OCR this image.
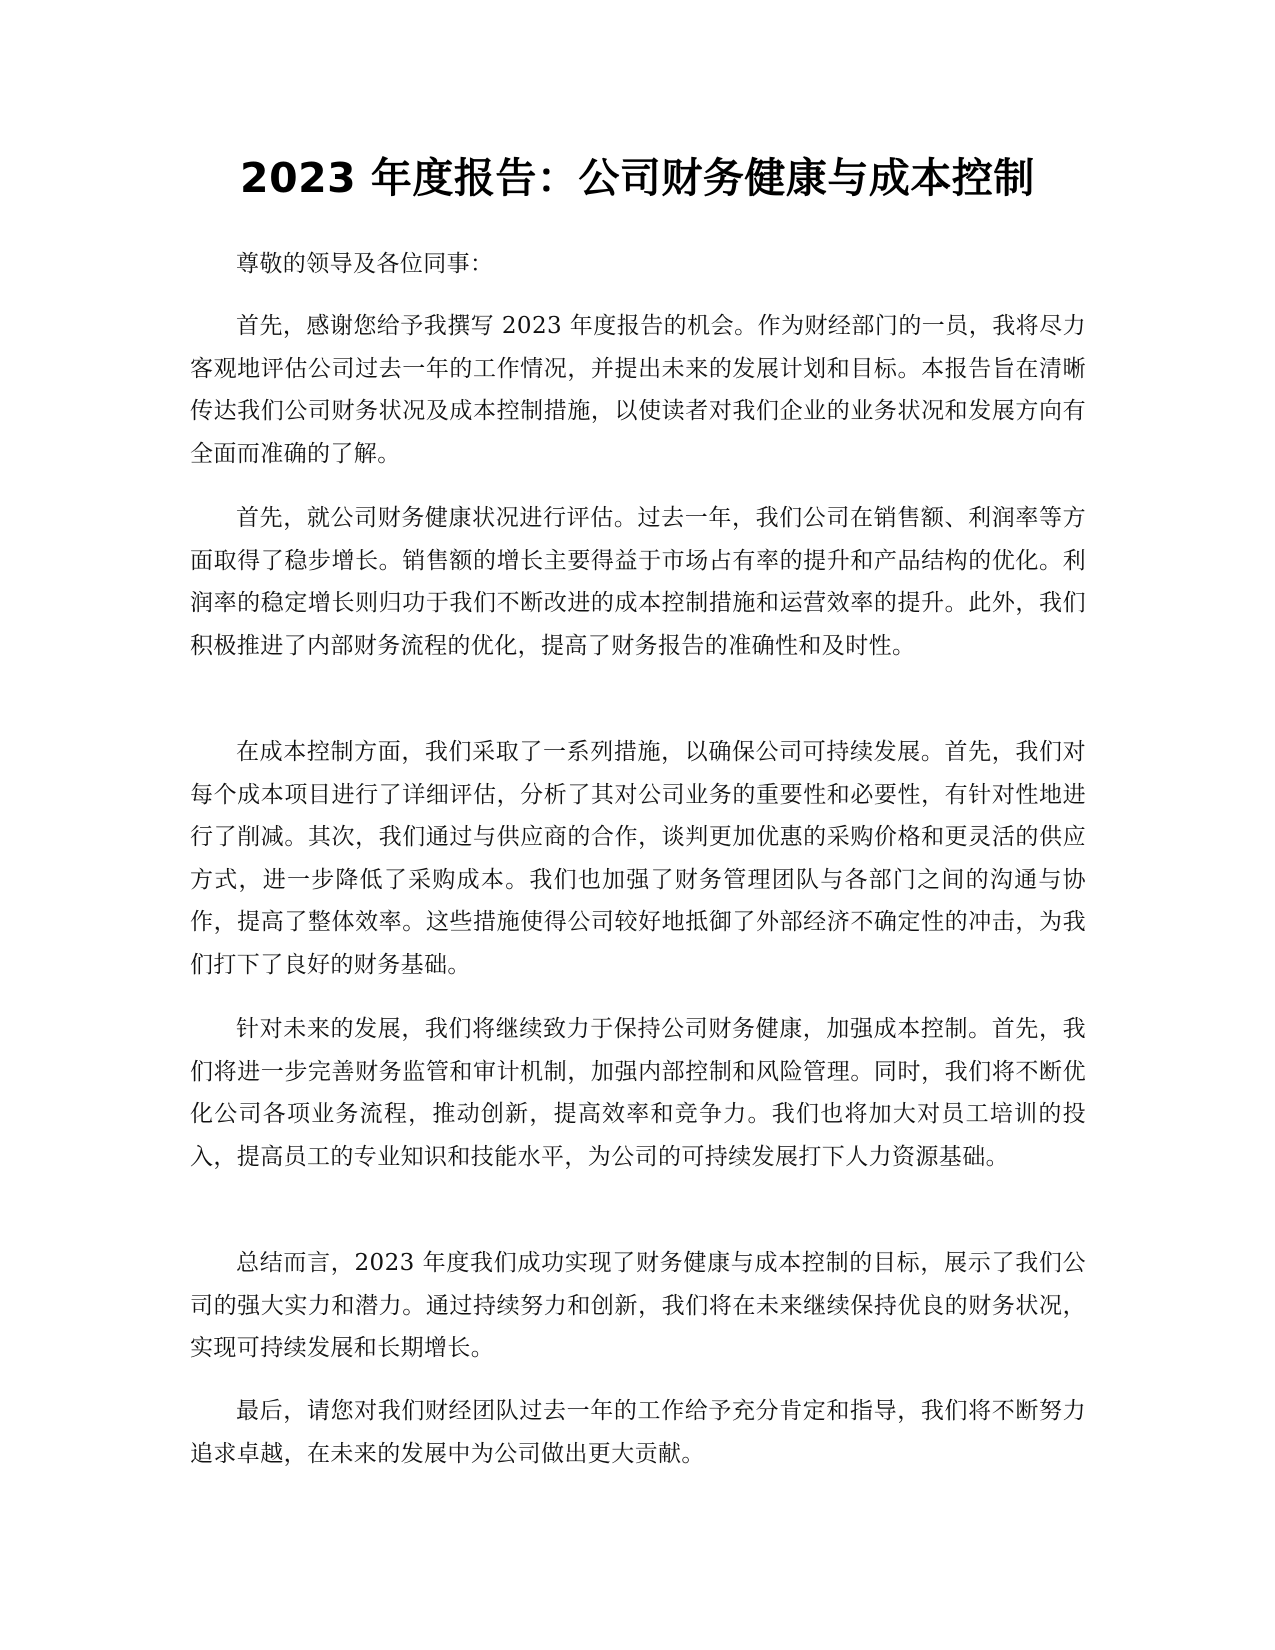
2023 年度报告：公司财务健康与成本控制

尊敬的领导及各位同事：

首先，感谢您给予我撰写 2023 年度报告的机会。作为财经部门的一员，我将尽力客观地评估公司过去一年的工作情况，并提出未来的发展计划和目标。本报告旨在清晰传达我们公司财务状况及成本控制措施，以使读者对我们企业的业务状况和发展方向有全面而准确的了解。

首先，就公司财务健康状况进行评估。过去一年，我们公司在销售额、利润率等方面取得了稳步增长。销售额的增长主要得益于市场占有率的提升和产品结构的优化。利润率的稳定增长则归功于我们不断改进的成本控制措施和运营效率的提升。此外，我们积极推进了内部财务流程的优化，提高了财务报告的准确性和及时性。

在成本控制方面，我们采取了一系列措施，以确保公司可持续发展。首先，我们对每个成本项目进行了详细评估，分析了其对公司业务的重要性和必要性，有针对性地进行了削减。其次，我们通过与供应商的合作，谈判更加优惠的采购价格和更灵活的供应方式，进一步降低了采购成本。我们也加强了财务管理团队与各部门之间的沟通与协作，提高了整体效率。这些措施使得公司较好地抵御了外部经济不确定性的冲击，为我们打下了良好的财务基础。

针对未来的发展，我们将继续致力于保持公司财务健康，加强成本控制。首先，我们将进一步完善财务监管和审计机制，加强内部控制和风险管理。同时，我们将不断优化公司各项业务流程，推动创新，提高效率和竞争力。我们也将加大对员工培训的投入，提高员工的专业知识和技能水平，为公司的可持续发展打下人力资源基础。

总结而言，2023 年度我们成功实现了财务健康与成本控制的目标，展示了我们公司的强大实力和潜力。通过持续努力和创新，我们将在未来继续保持优良的财务状况，实现可持续发展和长期增长。

最后，请您对我们财经团队过去一年的工作给予充分肯定和指导，我们将不断努力追求卓越，在未来的发展中为公司做出更大贡献。
